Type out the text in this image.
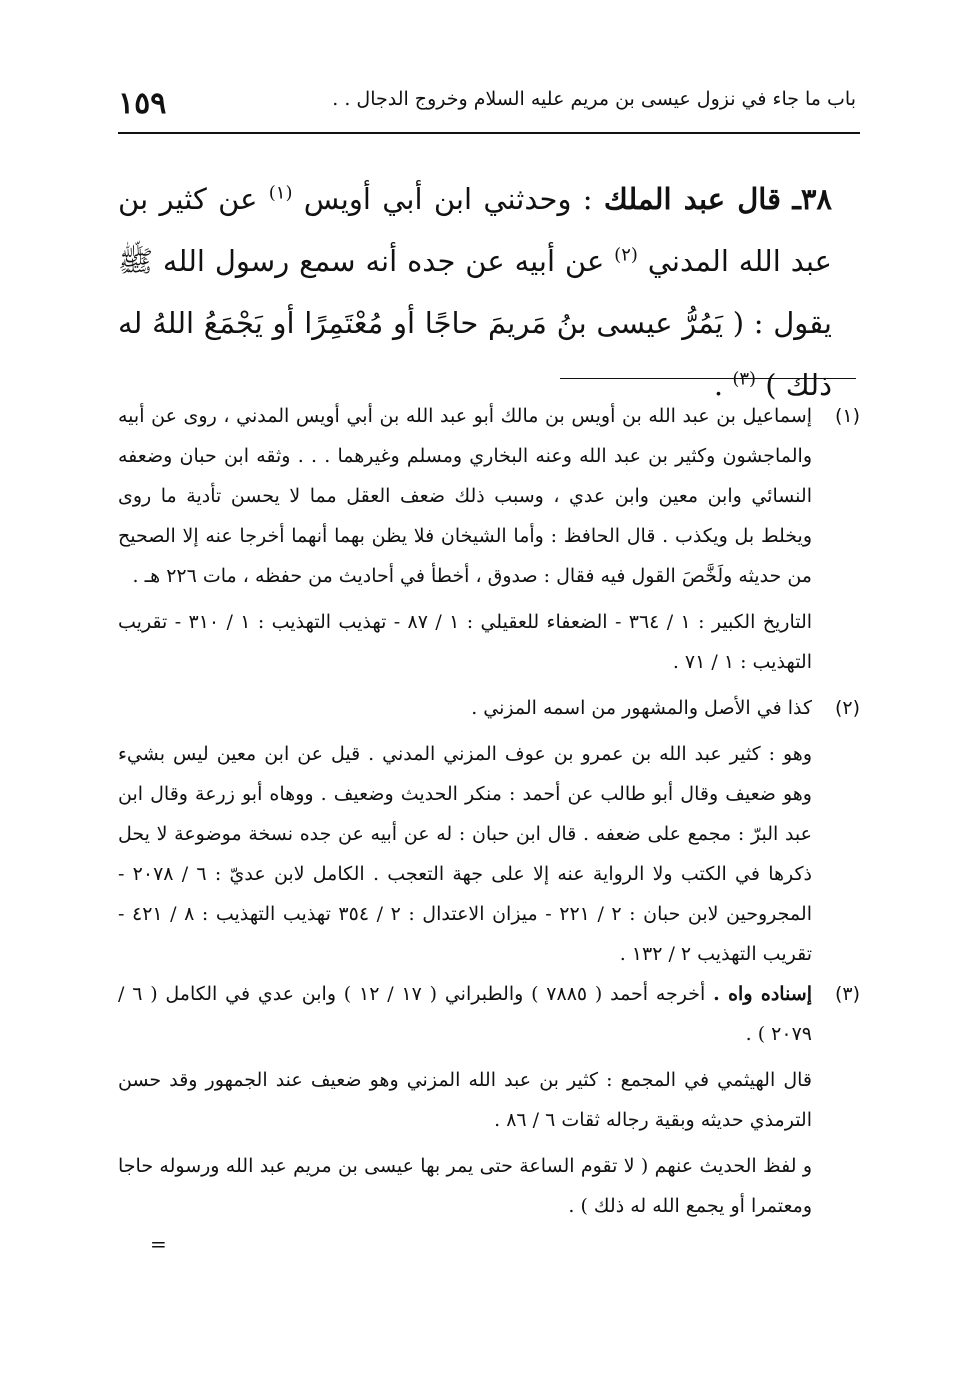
١٥٩	باب ما جاء في نزول عيسى بن مريم عليه السلام وخروج الدجال . .
٣٨ـ قال عبد الملك : وحدثني ابن أبي أويس $^{(١)}$ عن كثير بن عبد الله المدني $^{(٢)}$ عن أبيه عن جده أنه سمع رسول الله ﷺ يقول : ( يَمُرُّ عيسى بنُ مَريمَ حاجًا أو مُعْتَمِرًا أو يَجْمَعُ اللهُ له ذلك ) $^{(٣)}$ .
(١)

إسماعيل بن عبد الله بن أويس بن مالك أبو عبد الله بن أبي أويس المدني ، روى عن أبيه والماجشون وكثير بن عبد الله وعنه البخاري ومسلم وغيرهما . . . وثقه ابن حبان وضعفه النسائي وابن معين وابن عدي ، وسبب ذلك ضعف العقل مما لا يحسن تأدية ما روى ويخلط بل ويكذب . قال الحافظ : وأما الشيخان فلا يظن بهما أنهما أخرجا عنه إلا الصحيح من حديثه ولَخَّصَ القول فيه فقال : صدوق ، أخطأ في أحاديث من حفظه ، مات ٢٢٦ هـ .

التاريخ الكبير : ١ / ٣٦٤ - الضعفاء للعقيلي : ١ / ٨٧ - تهذيب التهذيب : ١ / ٣١٠ - تقريب التهذيب : ١ / ٧١ .

(٢)

كذا في الأصل والمشهور من اسمه المزني .

وهو : كثير عبد الله بن عمرو بن عوف المزني المدني . قيل عن ابن معين ليس بشيء وهو ضعيف وقال أبو طالب عن أحمد : منكر الحديث وضعيف . ووهاه أبو زرعة وقال ابن عبد البرّ : مجمع على ضعفه . قال ابن حبان : له عن أبيه عن جده نسخة موضوعة لا يحل ذكرها في الكتب ولا الرواية عنه إلا على جهة التعجب . الكامل لابن عديّ : ٦ / ٢٠٧٨ - المجروحين لابن حبان : ٢ / ٢٢١ - ميزان الاعتدال : ٢ / ٣٥٤ تهذيب التهذيب : ٨ / ٤٢١ - تقريب التهذيب ٢ / ١٣٢ .

(٣)

إسناده واه . أخرجه أحمد ( ٧٨٨٥ ) والطبراني ( ١٧ / ١٢ ) وابن عدي في الكامل ( ٦ / ٢٠٧٩ ) .

قال الهيثمي في المجمع : كثير بن عبد الله المزني وهو ضعيف عند الجمهور وقد حسن الترمذي حديثه وبقية رجاله ثقات ٦ / ٨٦ .

و لفظ الحديث عنهم ( لا تقوم الساعة حتى يمر بها عيسى بن مريم عبد الله ورسوله حاجا ومعتمرا أو يجمع الله له ذلك ) .

=
